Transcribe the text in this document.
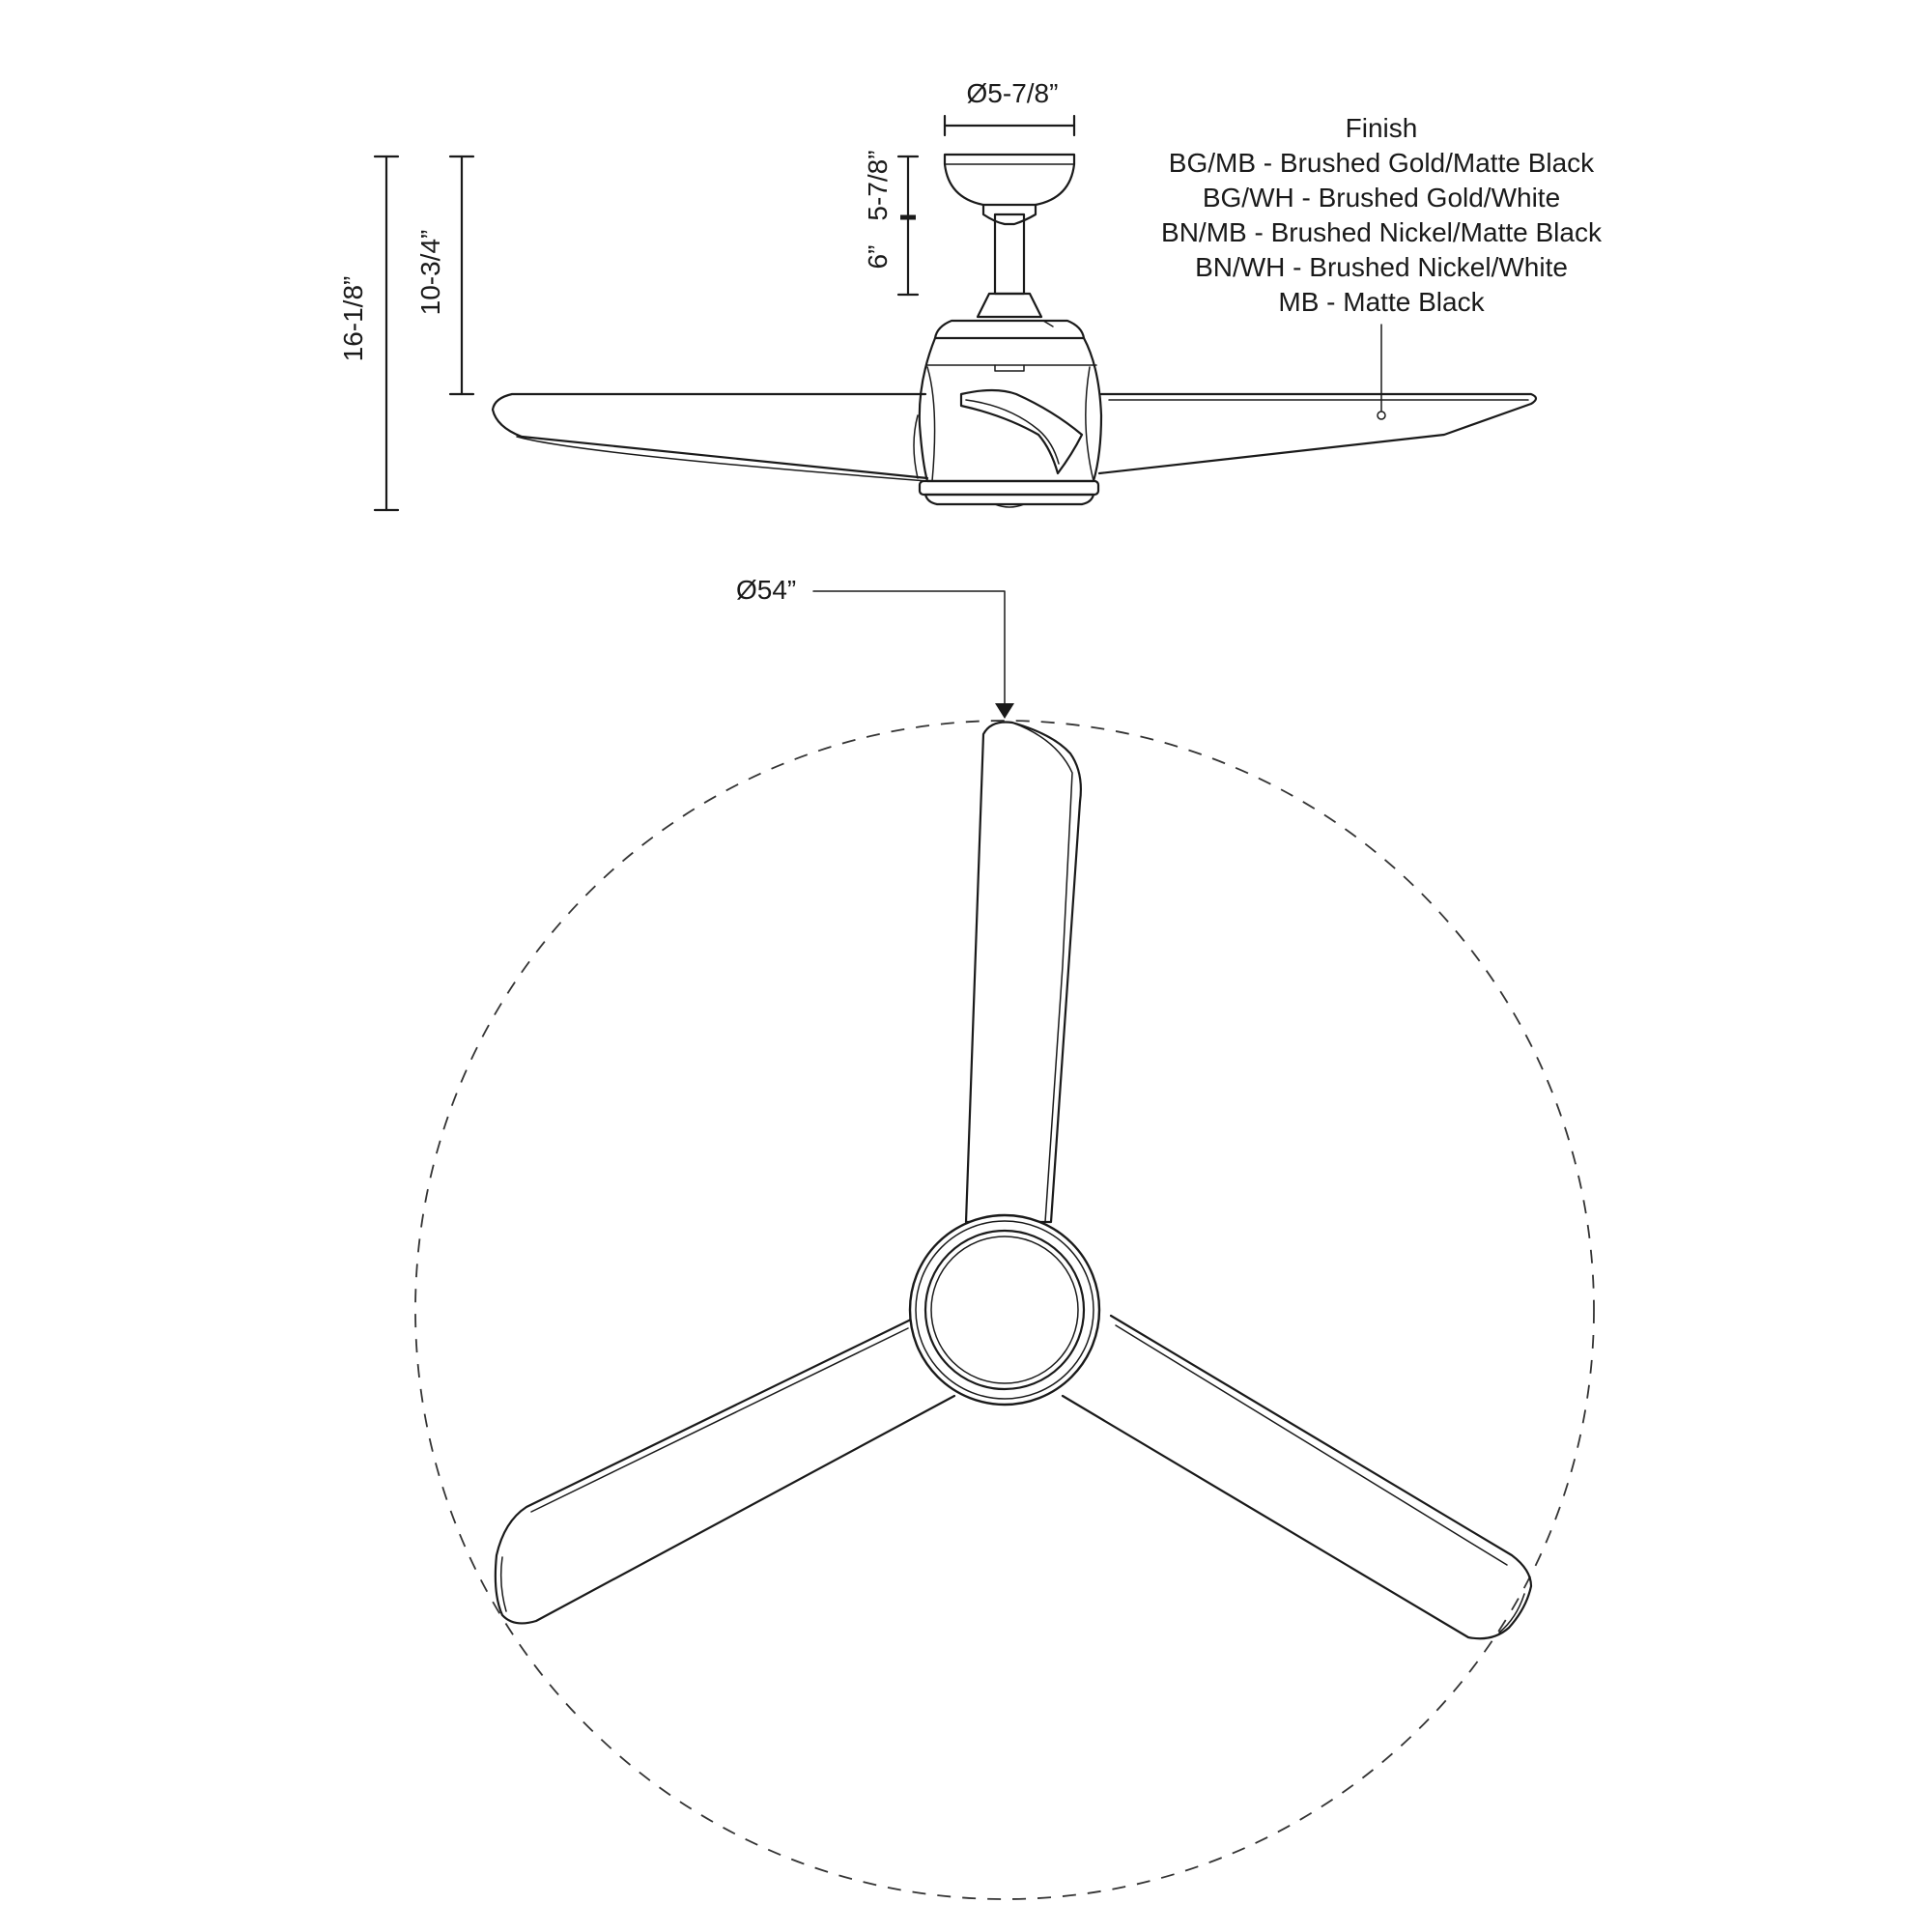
16-1/8”
10-3/4”
5-7/8”
6”
Ø5-7/8”
Finish
BG/MB - Brushed Gold/Matte Black
BG/WH - Brushed Gold/White
BN/MB - Brushed Nickel/Matte Black
BN/WH - Brushed Nickel/White
MB - Matte Black
Ø54”
